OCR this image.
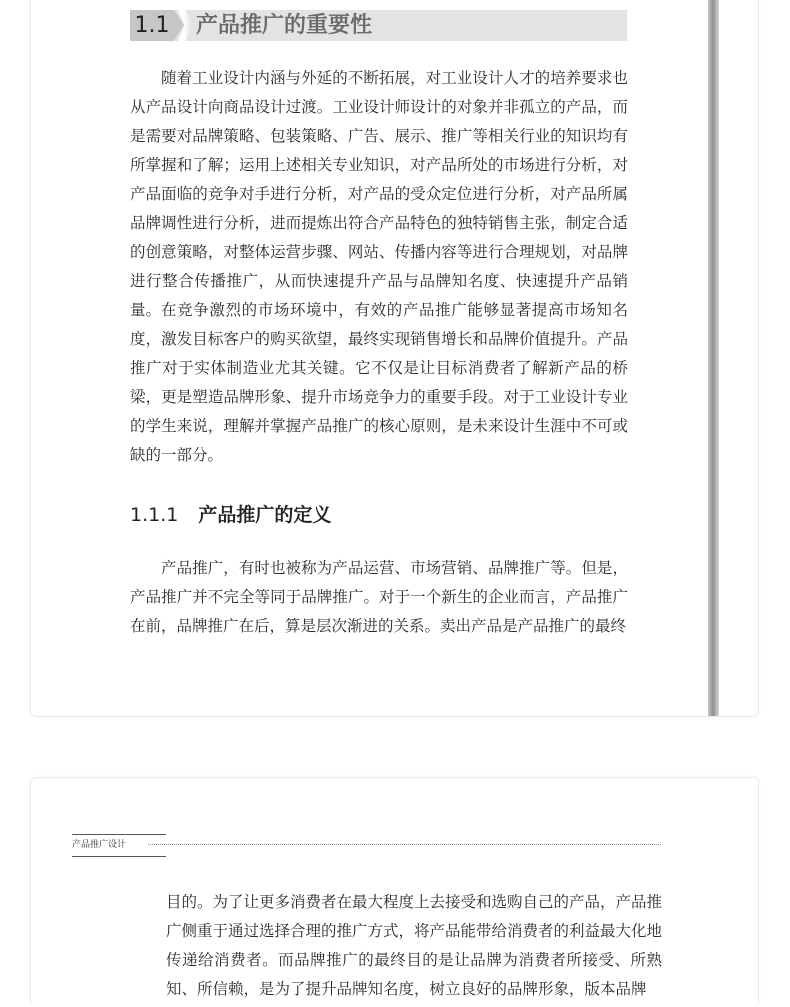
1.1 产品推广的重要性

随着工业设计内涵与外延的不断拓展，对工业设计人才的培养要求也从产品设计向商品设计过渡。工业设计师设计的对象并非孤立的产品，而是需要对品牌策略、包装策略、广告、展示、推广等相关行业的知识均有所掌握和了解；运用上述相关专业知识，对产品所处的市场进行分析，对产品面临的竞争对手进行分析，对产品的受众定位进行分析，对产品所属品牌调性进行分析，进而提炼出符合产品特色的独特销售主张，制定合适的创意策略，对整体运营步骤、网站、传播内容等进行合理规划，对品牌进行整合传播推广，从而快速提升产品与品牌知名度、快速提升产品销量。 在竞争激烈的市场环境中，有效的产品推广能够显著提高市场知名度，激发目标客户的购买欲望，最终实现销售增长和品牌价值提升。产品推广对于实体制造业尤其关键。它不仅是让目标消费者了解新产品的桥梁，更是塑造品牌形象、提升市场竞争力的重要手段。对于工业设计专业的学生来说，理解并掌握产品推广的核心原则，是未来设计生涯中不可或缺的一部分。

1.1.1 产品推广的定义

产品推广，有时也被称为产品运营、市场营销、品牌推广等。但是，产品推广并不完全等同于品牌推广。对于一个新生的企业而言，产品推广在前，品牌推广在后，算是层次渐进的关系。卖出产品是产品推广的最终

产品推广设计

目的。为了让更多消费者在最大程度上去接受和选购自己的产品，产品推广侧重于通过选择合理的推广方式，将产品能带给消费者的利益最大化地传递给消费者。而品牌推广的最终目的是让品牌为消费者所接受、所熟知、所信赖，是为了提升品牌知名度，树立良好的品牌形象，版本品牌
